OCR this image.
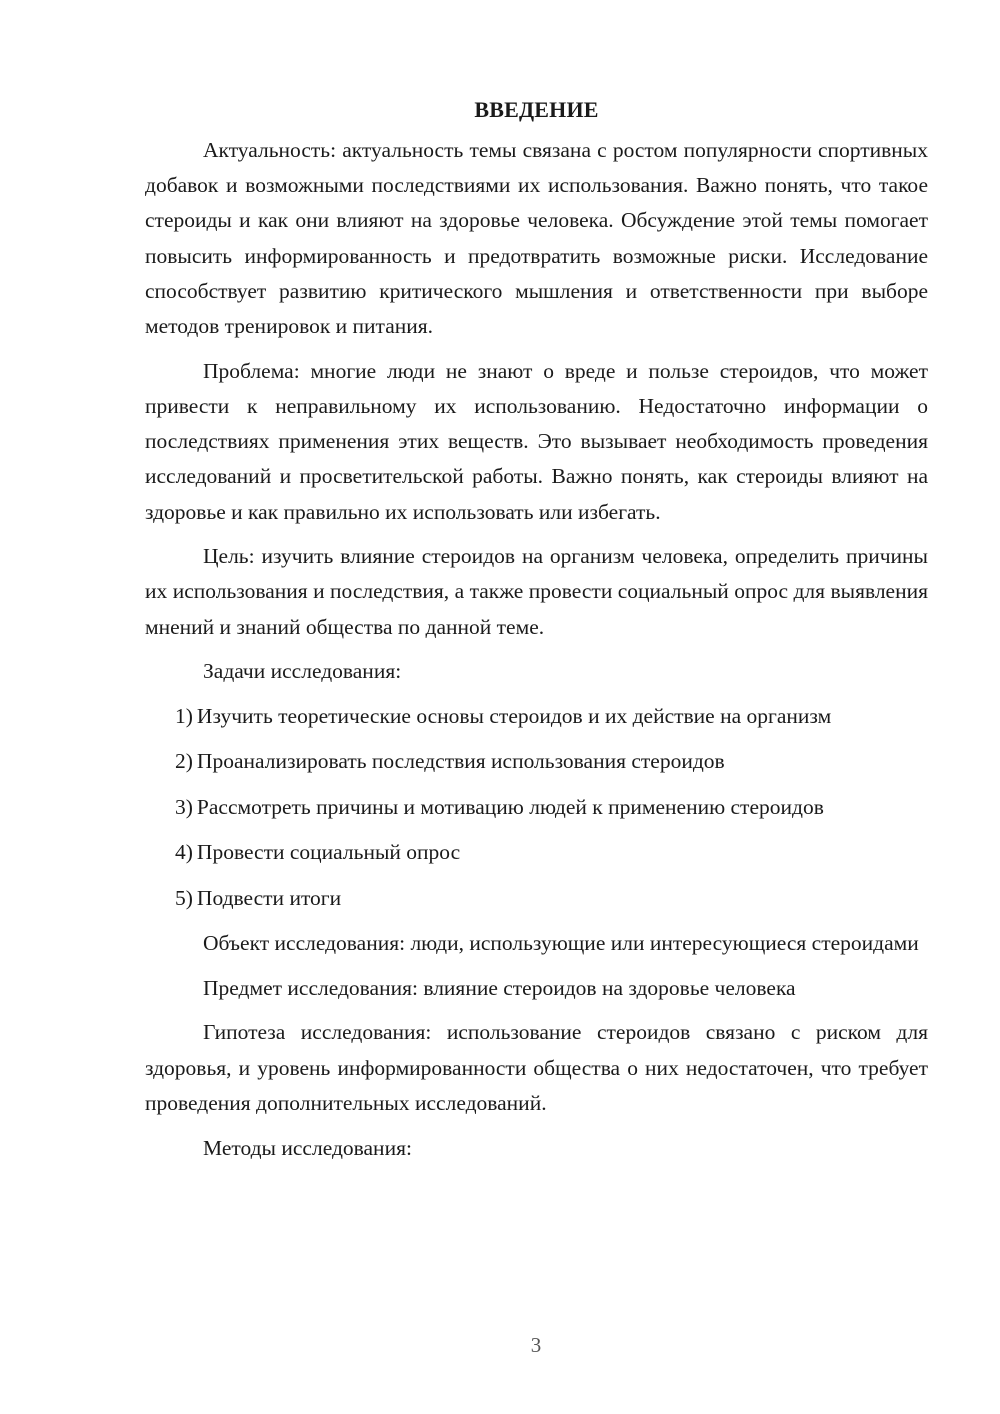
ВВЕДЕНИЕ

Актуальность: актуальность темы связана с ростом популярности спортивных добавок и возможными последствиями их использования. Важно понять, что такое стероиды и как они влияют на здоровье человека. Обсуждение этой темы помогает повысить информированность и предотвратить возможные риски. Исследование способствует развитию критического мышления и ответственности при выборе методов тренировок и питания.

Проблема: многие люди не знают о вреде и пользе стероидов, что может привести к неправильному их использованию. Недостаточно информации о последствиях применения этих веществ. Это вызывает необходимость проведения исследований и просветительской работы. Важно понять, как стероиды влияют на здоровье и как правильно их использовать или избегать.

Цель: изучить влияние стероидов на организм человека, определить причины их использования и последствия, а также провести социальный опрос для выявления мнений и знаний общества по данной теме.

Задачи исследования:

1) Изучить теоретические основы стероидов и их действие на организм
2) Проанализировать последствия использования стероидов
3) Рассмотреть причины и мотивацию людей к применению стероидов
4) Провести социальный опрос
5) Подвести итоги

Объект исследования: люди, использующие или интересующиеся стероидами

Предмет исследования: влияние стероидов на здоровье человека

Гипотеза исследования: использование стероидов связано с риском для здоровья, и уровень информированности общества о них недостаточен, что требует проведения дополнительных исследований.

Методы исследования:

3
